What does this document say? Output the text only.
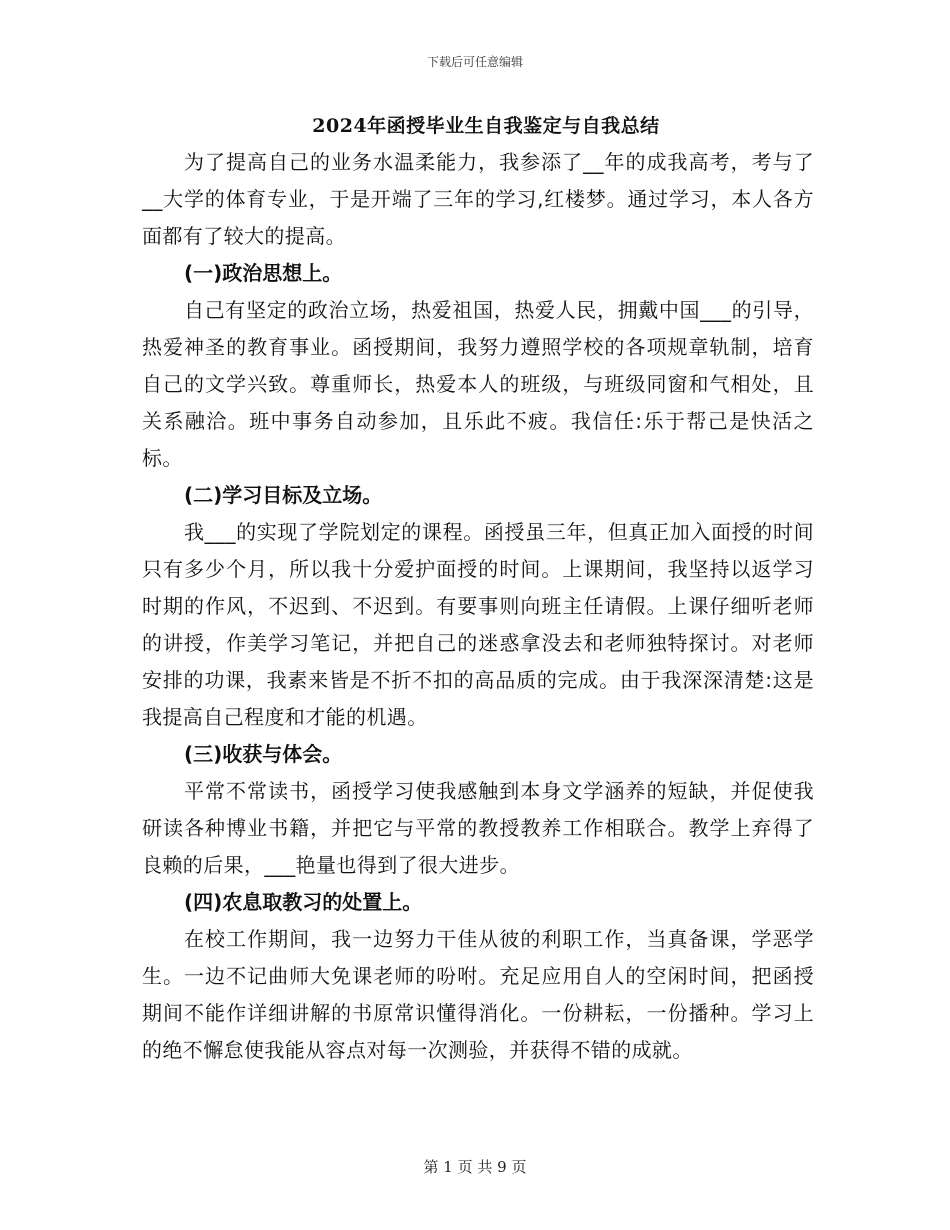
下载后可任意编辑
2024年函授毕业生自我鉴定与自我总结

为了提高自己的业务水温柔能力，我参添了__年的成我高考，考与了__大学的体育专业，于是开端了三年的学习,红楼梦。通过学习，本人各方面都有了较大的提高。

(一)政治思想上。

自己有坚定的政治立场，热爱祖国，热爱人民，拥戴中国___的引导，热爱神圣的教育事业。函授期间，我努力遵照学校的各项规章轨制，培育自己的文学兴致。尊重师长，热爱本人的班级，与班级同窗和气相处，且关系融洽。班中事务自动参加，且乐此不疲。我信任:乐于帮己是快活之标。

(二)学习目标及立场。

我___的实现了学院划定的课程。函授虽三年，但真正加入面授的时间只有多少个月，所以我十分爱护面授的时间。上课期间，我坚持以返学习时期的作风，不迟到、不迟到。有要事则向班主任请假。上课仔细听老师的讲授，作美学习笔记，并把自己的迷惑拿没去和老师独特探讨。对老师安排的功课，我素来皆是不折不扣的高品质的完成。由于我深深清楚:这是我提高自己程度和才能的机遇。

(三)收获与体会。

平常不常读书，函授学习使我感触到本身文学涵养的短缺，并促使我研读各种博业书籍，并把它与平常的教授教养工作相联合。教学上弃得了良赖的后果，___艳量也得到了很大进步。

(四)农息取教习的处置上。

在校工作期间，我一边努力干佳从彼的利职工作，当真备课，学恶学生。一边不记曲师大免课老师的吩咐。充足应用自人的空闲时间，把函授期间不能作详细讲解的书原常识懂得消化。一份耕耘，一份播种。学习上的绝不懈怠使我能从容点对每一次测验，并获得不错的成就。

第 1 页 共 9 页
